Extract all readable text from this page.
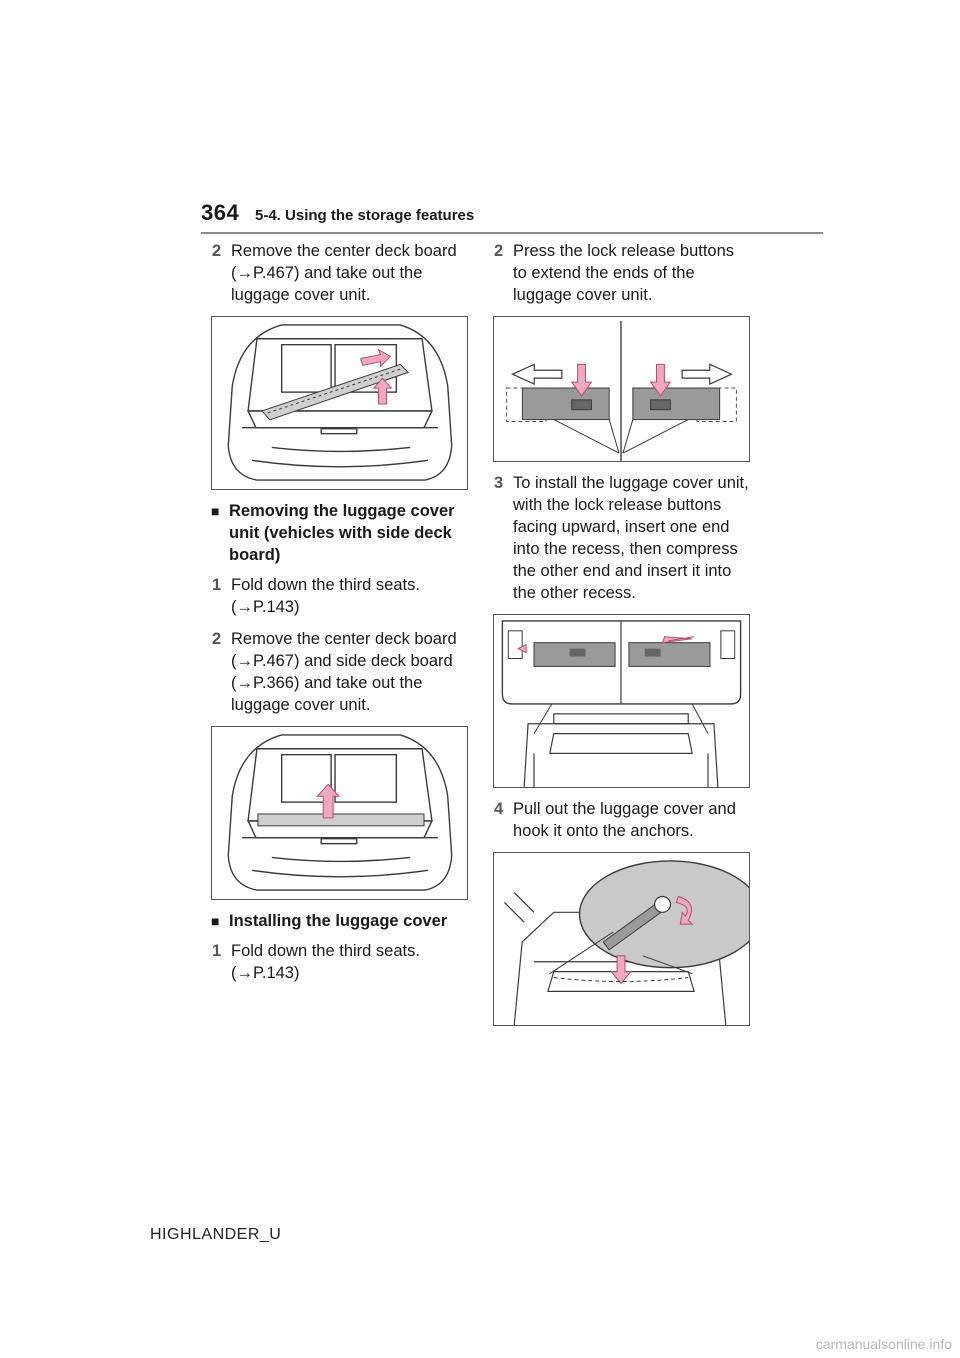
364 5-4. Using the storage features
2 Remove the center deck board (→P.467) and take out the luggage cover unit.
■ Removing the luggage cover unit (vehicles with side deck board)
1 Fold down the third seats. (→P.143)
2 Remove the center deck board (→P.467) and side deck board (→P.366) and take out the luggage cover unit.
■ Installing the luggage cover
1 Fold down the third seats. (→P.143)
2 Press the lock release buttons to extend the ends of the luggage cover unit.
3 To install the luggage cover unit, with the lock release buttons facing upward, insert one end into the recess, then compress the other end and insert it into the other recess.
4 Pull out the luggage cover and hook it onto the anchors.
HIGHLANDER_U
carmanualsonline.info
